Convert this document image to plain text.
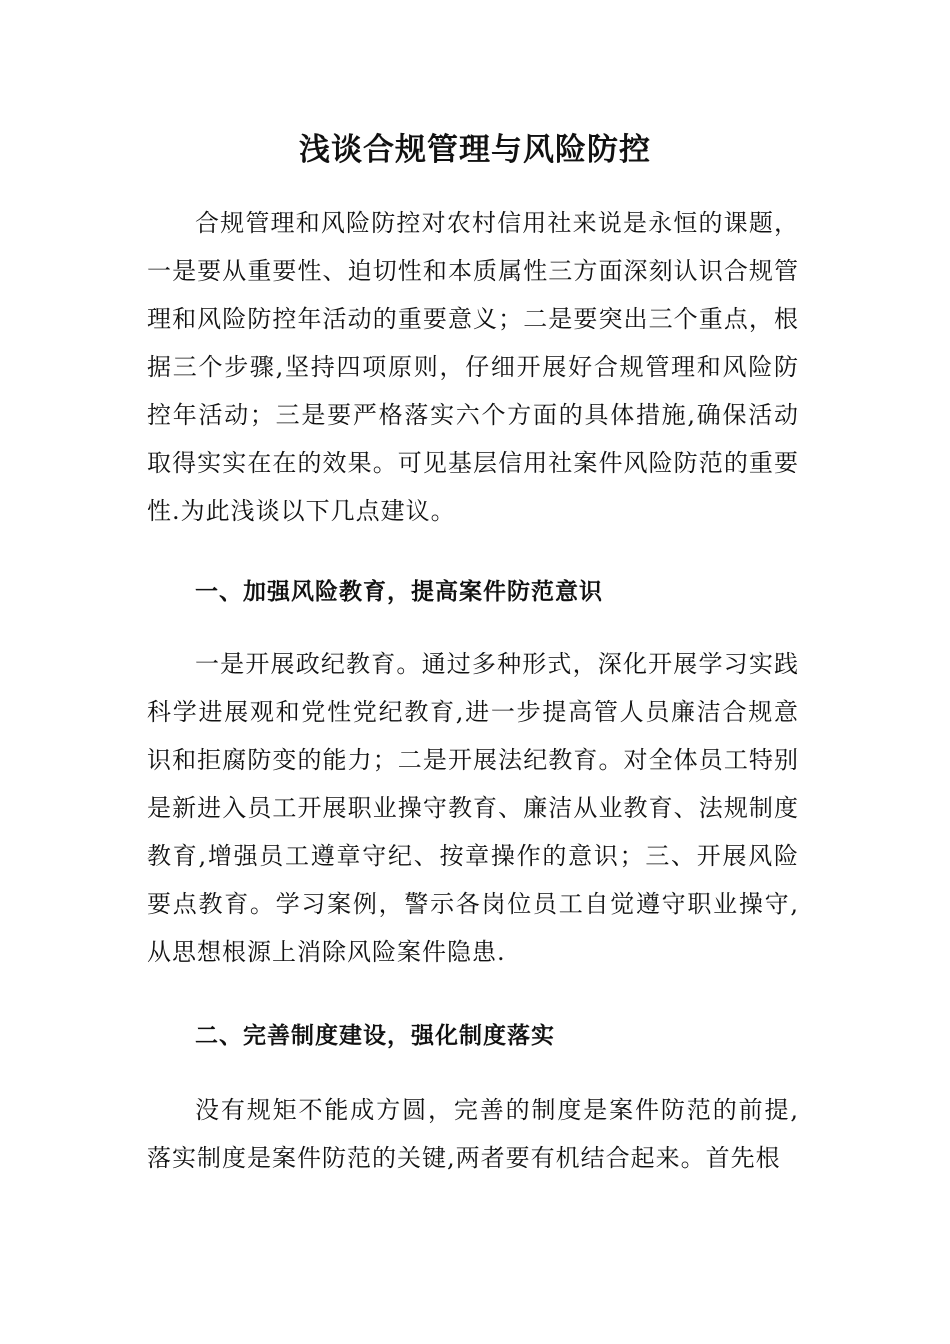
浅谈合规管理与风险防控

合规管理和风险防控对农村信用社来说是永恒的课题，一是要从重要性、迫切性和本质属性三方面深刻认识合规管理和风险防控年活动的重要意义；二是要突出三个重点，根据三个步骤,坚持四项原则，仔细开展好合规管理和风险防控年活动；三是要严格落实六个方面的具体措施,确保活动取得实实在在的效果。可见基层信用社案件风险防范的重要性.为此浅谈以下几点建议。

一、加强风险教育，提高案件防范意识

一是开展政纪教育。通过多种形式，深化开展学习实践科学进展观和党性党纪教育,进一步提高管人员廉洁合规意识和拒腐防变的能力；二是开展法纪教育。对全体员工特别是新进入员工开展职业操守教育、廉洁从业教育、法规制度教育,增强员工遵章守纪、按章操作的意识；三、开展风险要点教育。学习案例，警示各岗位员工自觉遵守职业操守,从思想根源上消除风险案件隐患.

二、完善制度建设，强化制度落实

没有规矩不能成方圆，完善的制度是案件防范的前提,落实制度是案件防范的关键,两者要有机结合起来。首先根
